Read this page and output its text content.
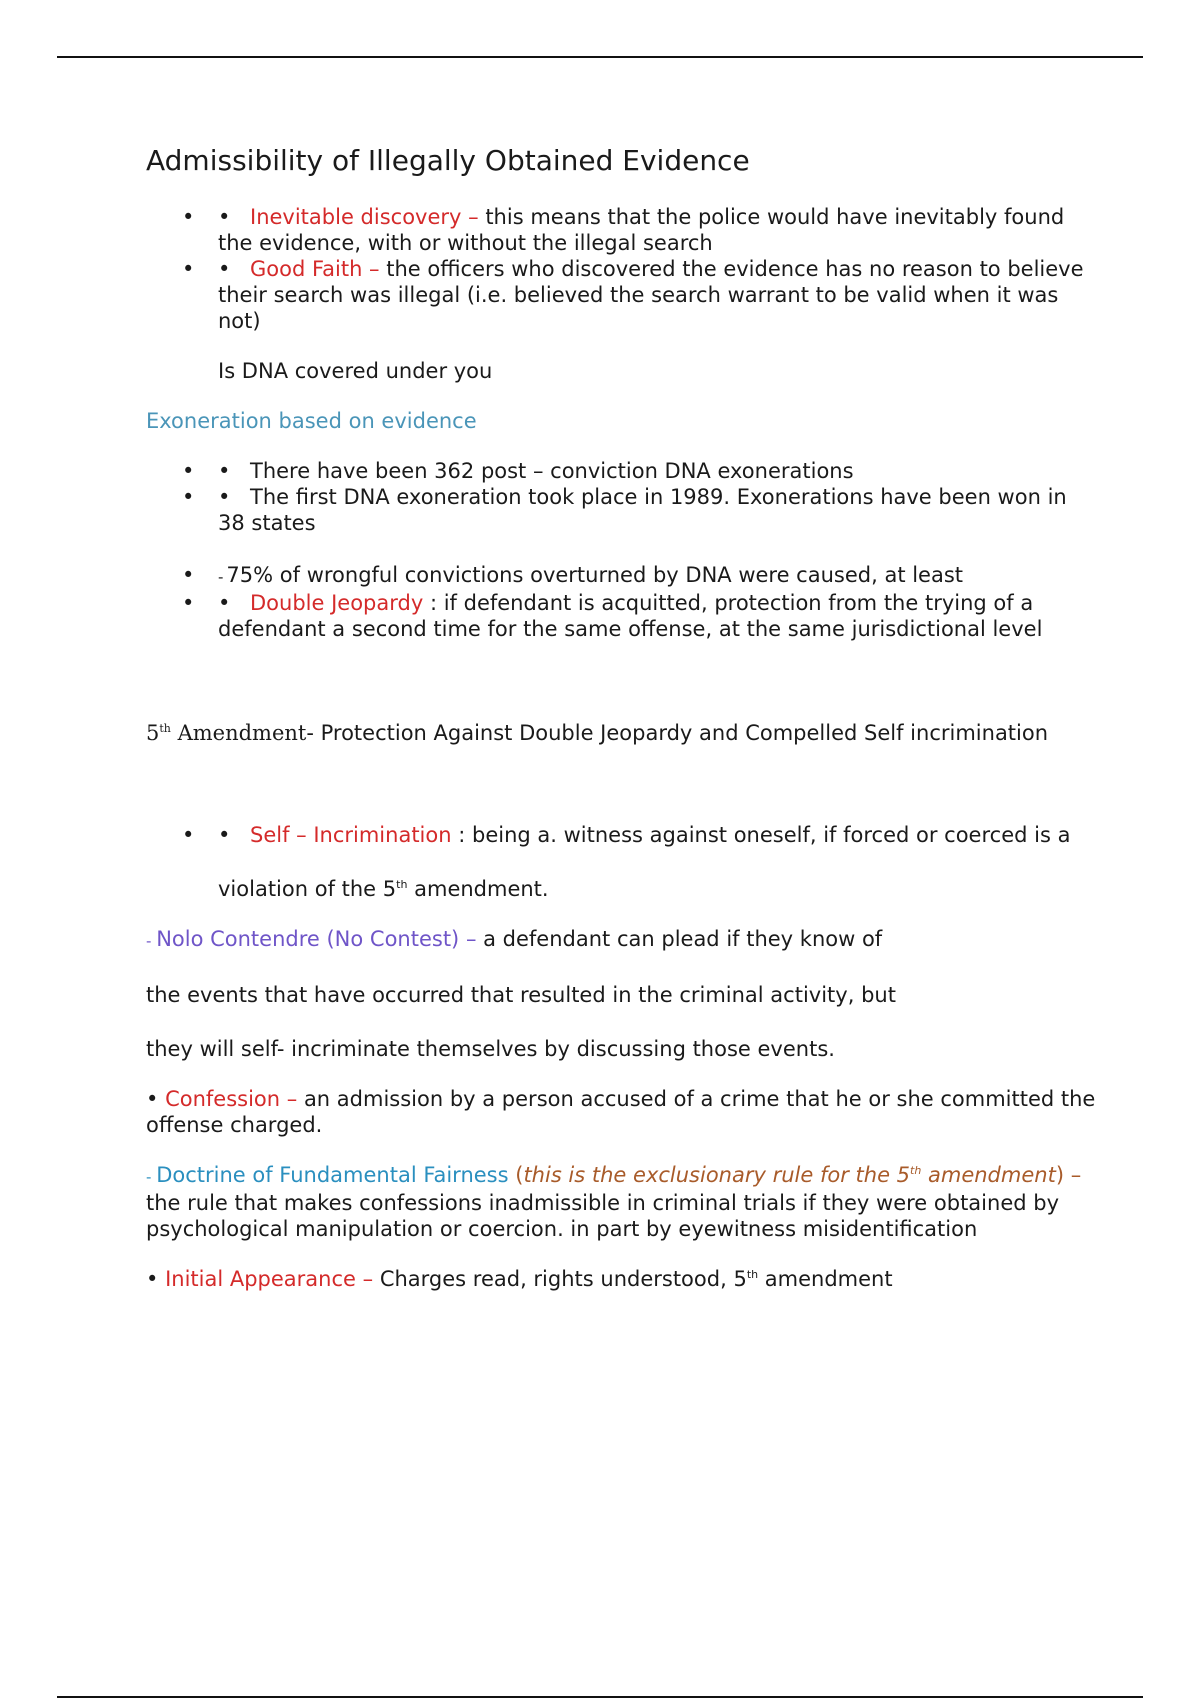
Admissibility of Illegally Obtained Evidence
• • Inevitable discovery – this means that the police would have inevitably found the evidence, with or without the illegal search
• • Good Faith – the officers who discovered the evidence has no reason to believe their search was illegal (i.e. believed the search warrant to be valid when it was not)

Is DNA covered under you

Exoneration based on evidence

• • There have been 362 post – conviction DNA exonerations
• • The first DNA exoneration took place in 1989. Exonerations have been won in 38 states
• - 75% of wrongful convictions overturned by DNA were caused, at least
• • Double Jeopardy : if defendant is acquitted, protection from the trying of a defendant a second time for the same offense, at the same jurisdictional level

5th Amendment- Protection Against Double Jeopardy and Compelled Self incrimination

• • Self – Incrimination : being a. witness against oneself, if forced or coerced is a

violation of the 5th amendment.

- Nolo Contendre (No Contest) – a defendant can plead if they know of

the events that have occurred that resulted in the criminal activity, but

they will self- incriminate themselves by discussing those events.

• Confession – an admission by a person accused of a crime that he or she committed the offense charged.

- Doctrine of Fundamental Fairness (this is the exclusionary rule for the 5th amendment) – the rule that makes confessions inadmissible in criminal trials if they were obtained by psychological manipulation or coercion. in part by eyewitness misidentification

• Initial Appearance – Charges read, rights understood, 5th amendment
